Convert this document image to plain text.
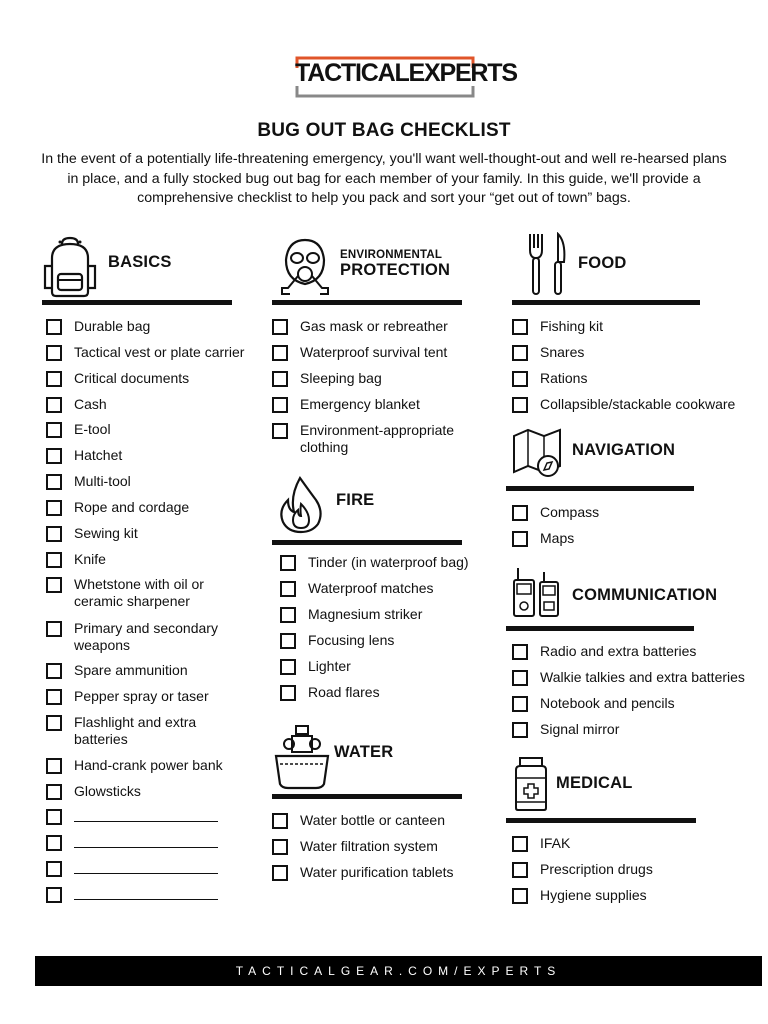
TACTICALEXPERTS
BUG OUT BAG CHECKLIST
In the event of a potentially life-threatening emergency, you'll want well-thought-out and well re-hearsed plans in place, and a fully stocked bug out bag for each member of your family. In this guide, we'll provide a comprehensive checklist to help you pack and sort your “get out of town” bags.
BASICS
Durable bag
Tactical vest or plate carrier
Critical documents
Cash
E-tool
Hatchet
Multi-tool
Rope and cordage
Sewing kit
Knife
Whetstone with oil or
ceramic sharpener
Primary and secondary
weapons
Spare ammunition
Pepper spray or taser
Flashlight and extra
batteries
Hand-crank power bank
Glowsticks
ENVIRONMENTAL
PROTECTION
Gas mask or rebreather
Waterproof survival tent
Sleeping bag
Emergency blanket
Environment-appropriate
clothing
FIRE
Tinder (in waterproof bag)
Waterproof matches
Magnesium striker
Focusing lens
Lighter
Road flares
WATER
Water bottle or canteen
Water filtration system
Water purification tablets
FOOD
Fishing kit
Snares
Rations
Collapsible/stackable cookware
NAVIGATION
Compass
Maps
COMMUNICATION
Radio and extra batteries
Walkie talkies and extra batteries
Notebook and pencils
Signal mirror
MEDICAL
IFAK
Prescription drugs
Hygiene supplies
TACTICALGEAR.COM/EXPERTS
